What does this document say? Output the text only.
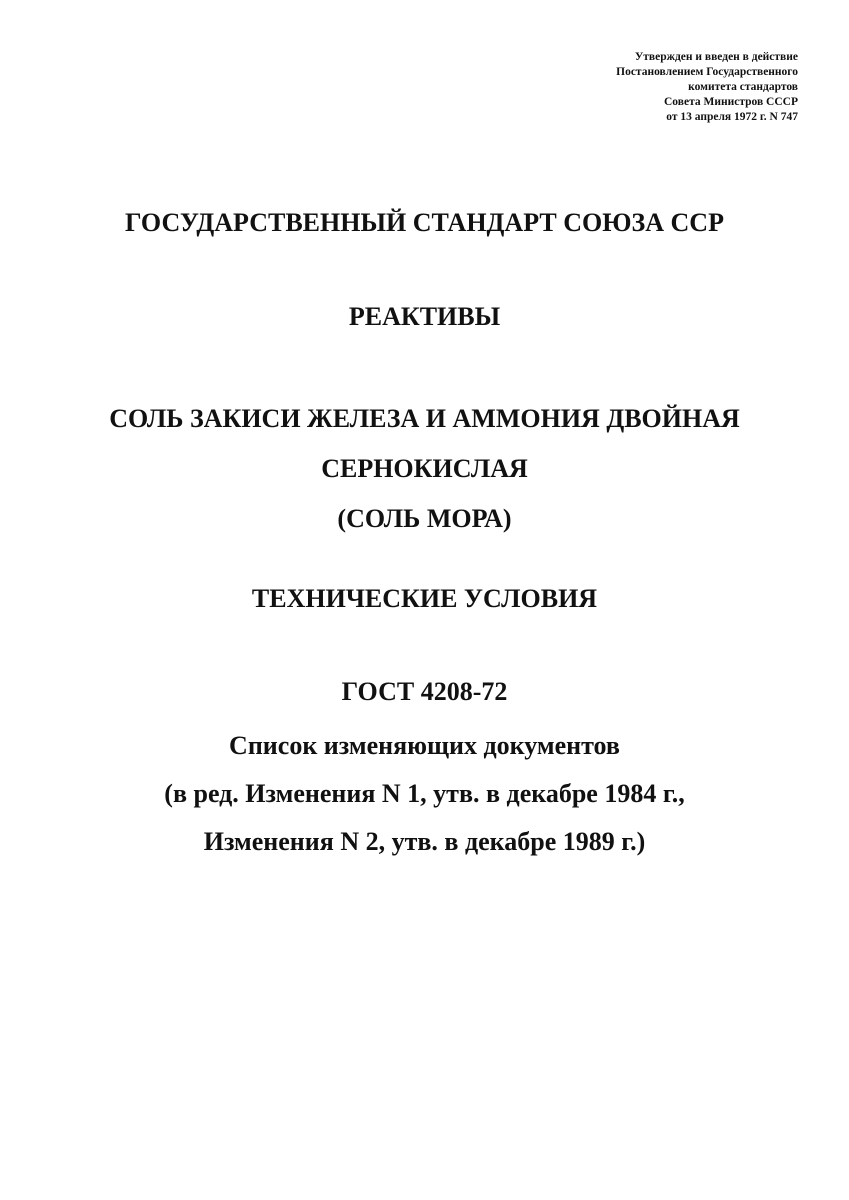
Утвержден и введен в действие
Постановлением Государственного
комитета стандартов
Совета Министров СССР
от 13 апреля 1972 г. N 747
ГОСУДАРСТВЕННЫЙ СТАНДАРТ СОЮЗА ССР
РЕАКТИВЫ
СОЛЬ ЗАКИСИ ЖЕЛЕЗА И АММОНИЯ ДВОЙНАЯ
СЕРНОКИСЛАЯ
(СОЛЬ МОРА)
ТЕХНИЧЕСКИЕ УСЛОВИЯ
ГОСТ 4208-72
Список изменяющих документов
(в ред. Изменения N 1, утв. в декабре 1984 г.,
Изменения N 2, утв. в декабре 1989 г.)
